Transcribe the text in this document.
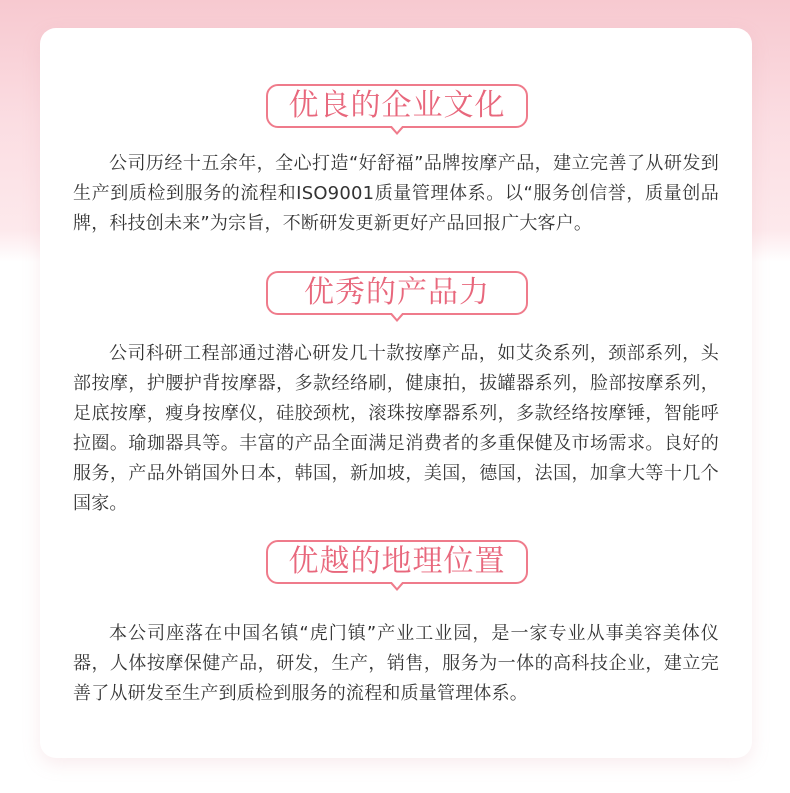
优良的企业文化

公司历经十五余年，全心打造“好舒福”品牌按摩产品，建立完善了从研发到生产到质检到服务的流程和ISO9001质量管理体系。以“服务创信誉，质量创品牌，科技创未来”为宗旨，不断研发更新更好产品回报广大客户。

优秀的产品力

公司科研工程部通过潜心研发几十款按摩产品，如艾灸系列，颈部系列，头部按摩，护腰护背按摩器，多款经络刷，健康拍，拔罐器系列，脸部按摩系列，足底按摩，瘦身按摩仪，硅胶颈枕，滚珠按摩器系列，多款经络按摩锤，智能呼拉圈。瑜珈器具等。丰富的产品全面满足消费者的多重保健及市场需求。良好的服务，产品外销国外日本，韩国，新加坡，美国，德国，法国，加拿大等十几个国家。

优越的地理位置

本公司座落在中国名镇“虎门镇”产业工业园，是一家专业从事美容美体仪器，人体按摩保健产品，研发，生产，销售，服务为一体的高科技企业，建立完善了从研发至生产到质检到服务的流程和质量管理体系。
